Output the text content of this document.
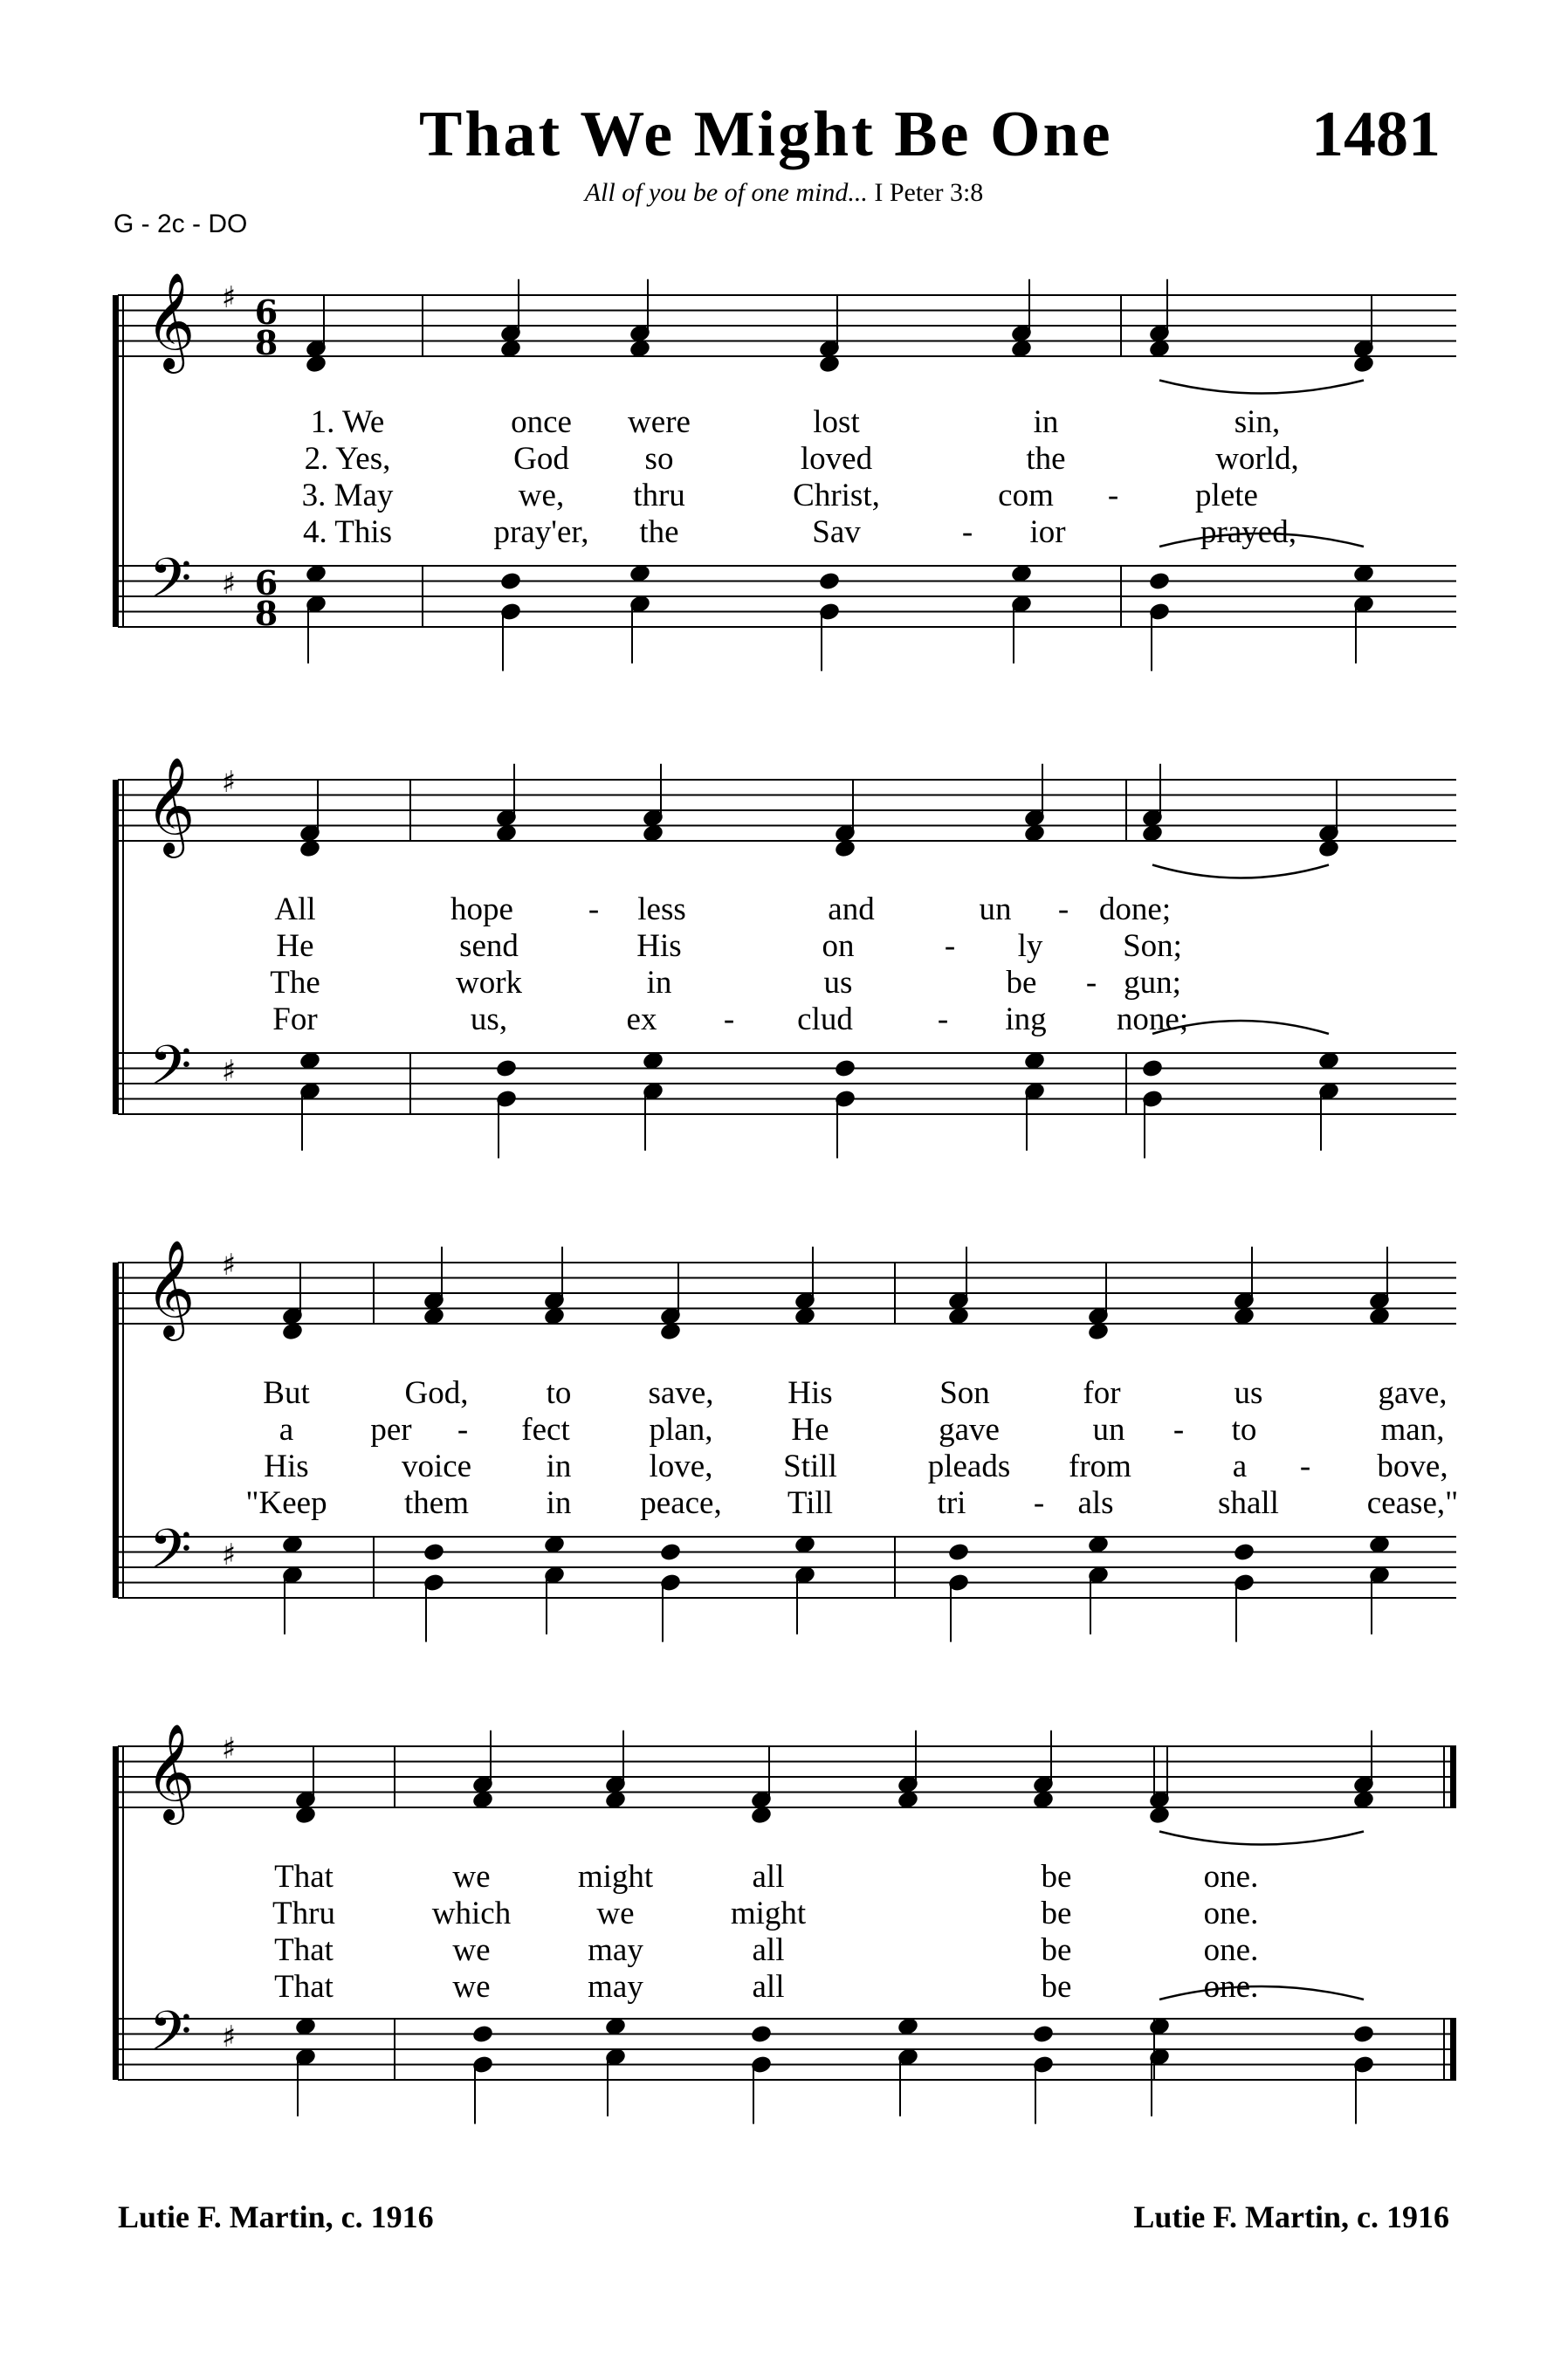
That We Might Be One	1481
All of you be of one mind... I Peter 3:8
G - 2c - DO
𝄞
𝄢
♯
♯
6
8
6
8
𝄞
𝄢
♯
♯
𝄞
𝄢
♯
♯
𝄞
𝄢
♯
♯
1. We	once were	lost	in	sin,
2. Yes,	God so	loved	the	world,
3. May	we, thru	Christ,	com - plete
4. This	pray'er, the	Sav	- ior	prayed,
All	hope - less	and	un - done;
He	send	His	on	- ly Son;
The	work	in	us	be - gun;
For	us,	ex - clud	- ing none;
But	God, to save, His	Son	for	us	gave,
a per - fect plan, He	gave	un - to	man,
His	voice in love, Still	pleads from	a - bove,
"Keep them in peace, Till	tri - als	shall	cease,"
That	we	might	all	be	one.
Thru	which	we	might	be	one.
That	we	may	all	be	one.
That	we	may	all	be	one.
Lutie F. Martin, c. 1916	Lutie F. Martin, c. 1916
